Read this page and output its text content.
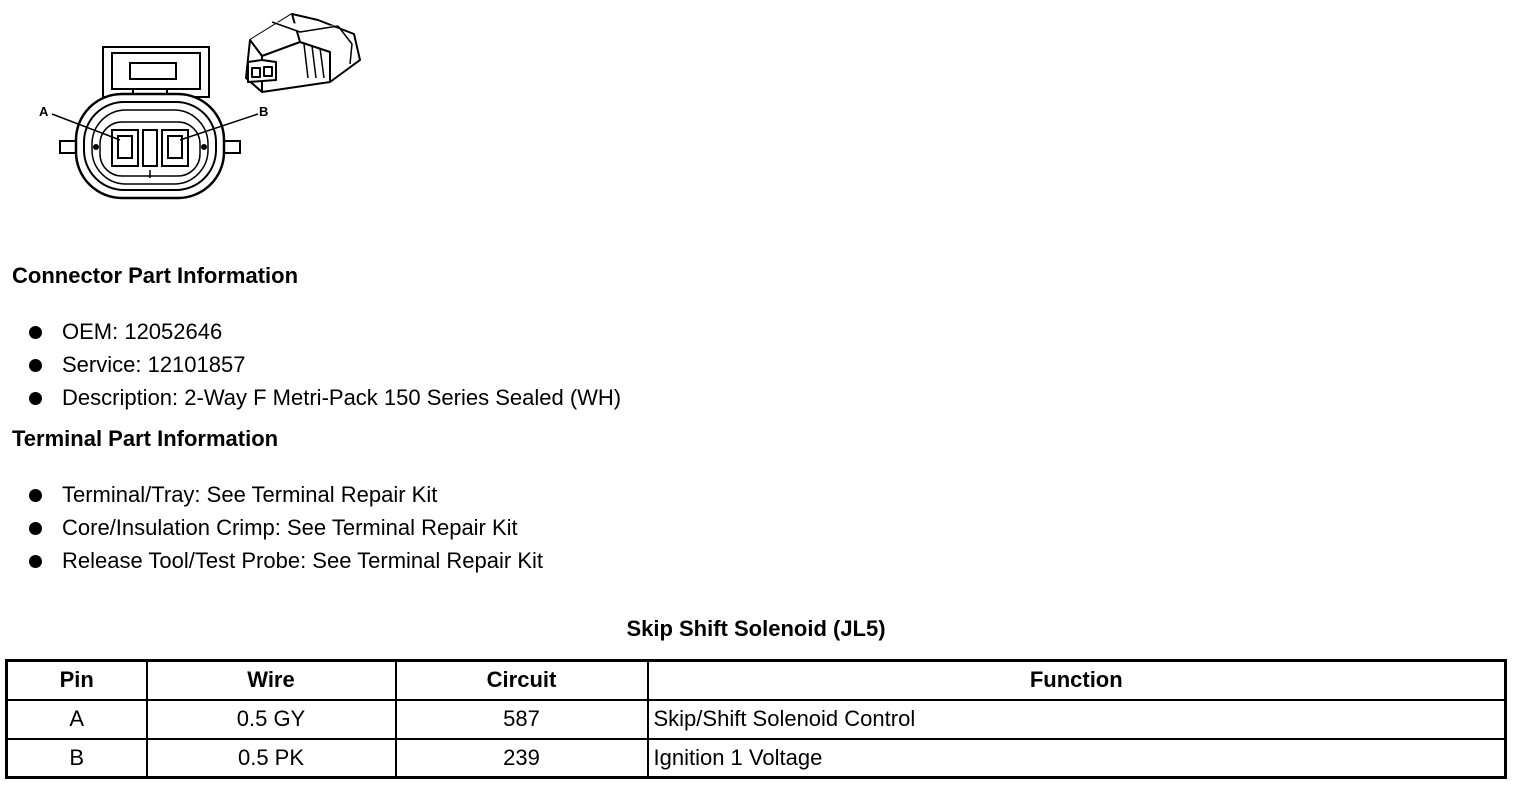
A	B
Connector Part Information
OEM: 12052646
Service: 12101857
Description: 2-Way F Metri-Pack 150 Series Sealed (WH)
Terminal Part Information
Terminal/Tray: See Terminal Repair Kit
Core/Insulation Crimp: See Terminal Repair Kit
Release Tool/Test Probe: See Terminal Repair Kit
Skip Shift Solenoid (JL5)
Pin	Wire	Circuit	Function
A	0.5 GY	587	Skip/Shift Solenoid Control
B	0.5 PK	239	Ignition 1 Voltage
